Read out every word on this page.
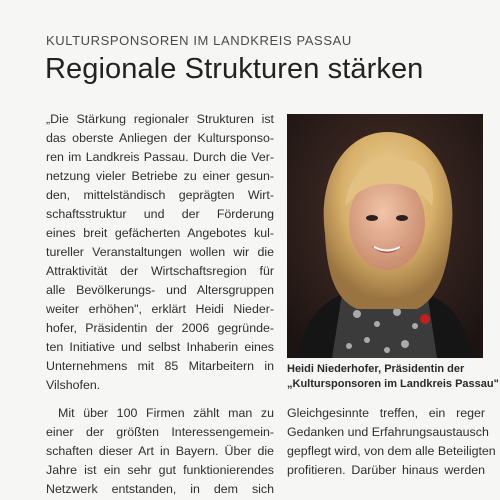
KULTURSPONSOREN IM LANDKREIS PASSAU
Regionale Strukturen stärken
„Die Stärkung regionaler Strukturen ist
das oberste Anliegen der Kultursponso-
ren im Landkreis Passau. Durch die Ver-
netzung vieler Betriebe zu einer gesun-
den, mittelständisch geprägten Wirt-
schaftsstruktur und der Förderung
eines breit gefächerten Angebotes kul-
tureller Veranstaltungen wollen wir die
Attraktivität der Wirtschaftsregion für
alle Bevölkerungs- und Altersgruppen
weiter erhöhen", erklärt Heidi Nieder-
hofer, Präsidentin der 2006 gegründe-
ten Initiative und selbst Inhaberin eines
Unternehmens mit 85 Mitarbeitern in
Vilshofen.
Mit über 100 Firmen zählt man zu
einer der größten Interessengemein-
schaften dieser Art in Bayern. Über die
Jahre ist ein sehr gut funktionierendes
Netzwerk entstanden, in dem sich
Heidi Niederhofer, Präsidentin der
„Kultursponsoren im Landkreis Passau"
Gleichgesinnte treffen, ein reger
Gedanken und Erfahrungsaustausch
gepflegt wird, von dem alle Beteiligten
profitieren. Darüber hinaus werden
